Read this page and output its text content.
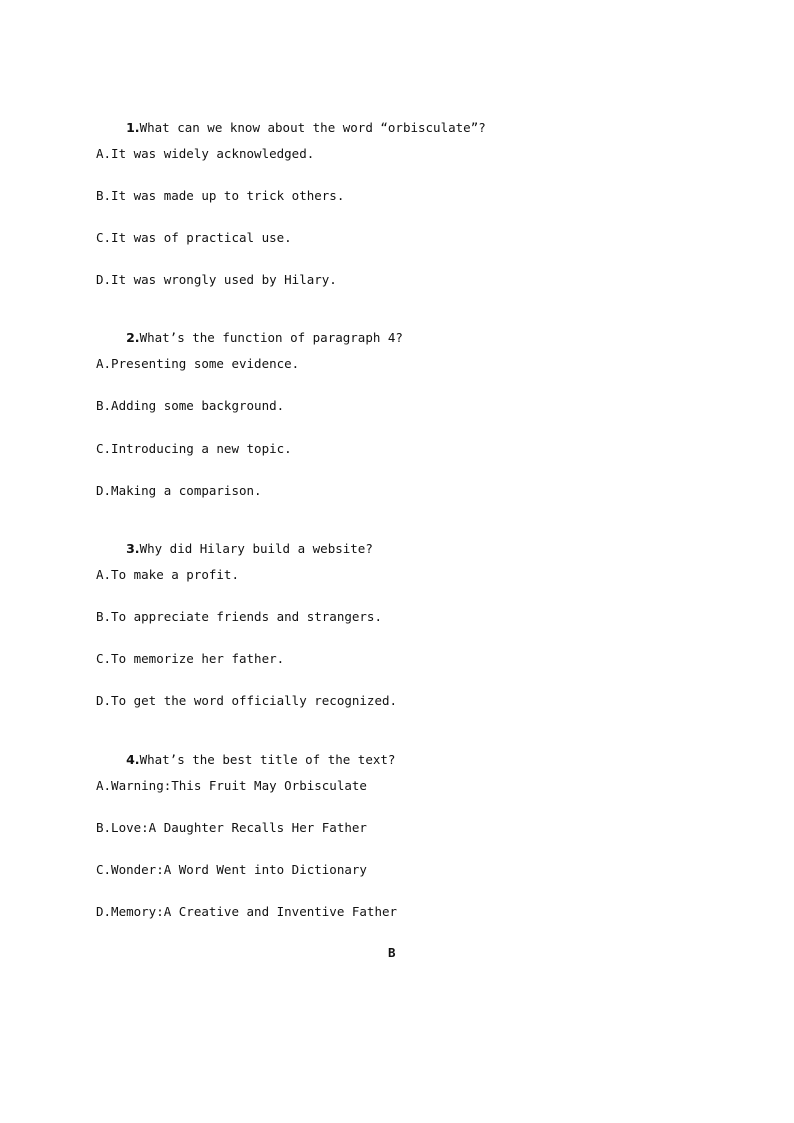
1.What can we know about the word “orbisculate”?

A.It was widely acknowledged.
B.It was made up to trick others.
C.It was of practical use.
D.It was wrongly used by Hilary.

2.What’s the function of paragraph 4?

A.Presenting some evidence.
B.Adding some background.
C.Introducing a new topic.
D.Making a comparison.

3.Why did Hilary build a website?

A.To make a profit.
B.To appreciate friends and strangers.
C.To memorize her father.
D.To get the word officially recognized.

4.What’s the best title of the text?

A.Warning:This Fruit May Orbisculate
B.Love:A Daughter Recalls Her Father
C.Wonder:A Word Went into Dictionary
D.Memory:A Creative and Inventive Father
B
